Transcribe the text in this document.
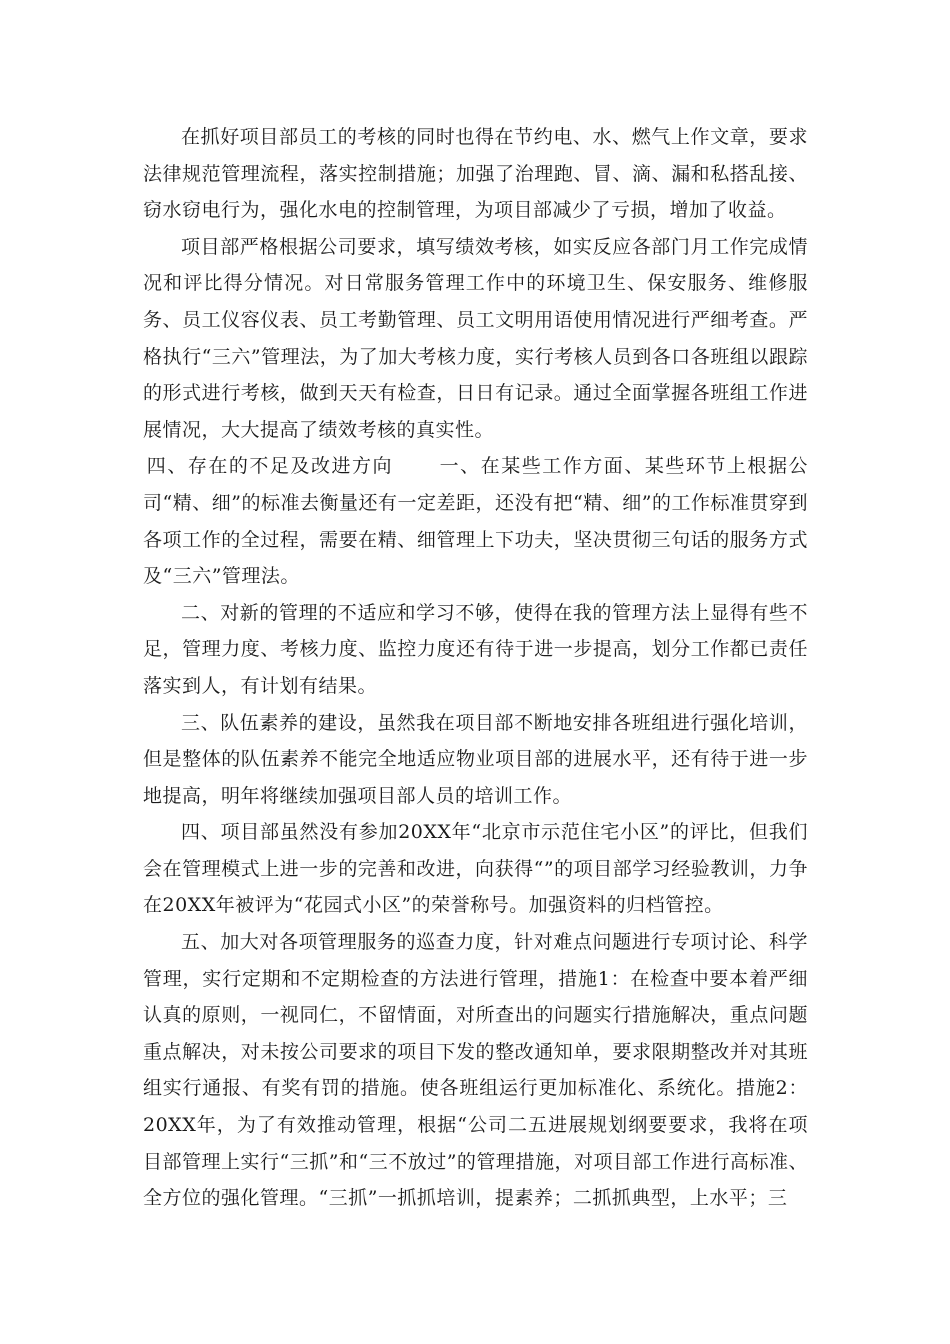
在抓好项目部员工的考核的同时也得在节约电、水、燃气上作文章，要求法律规范管理流程，落实控制措施；加强了治理跑、冒、滴、漏和私搭乱接、窃水窃电行为，强化水电的控制管理，为项目部减少了亏损，增加了收益。

项目部严格根据公司要求，填写绩效考核，如实反应各部门月工作完成情况和评比得分情况。对日常服务管理工作中的环境卫生、保安服务、维修服务、员工仪容仪表、员工考勤管理、员工文明用语使用情况进行严细考查。严格执行“三六”管理法，为了加大考核力度，实行考核人员到各口各班组以跟踪的形式进行考核，做到天天有检查，日日有记录。通过全面掌握各班组工作进展情况，大大提高了绩效考核的真实性。

四、存在的不足及改进方向 一、在某些工作方面、某些环节上根据公司“精、细”的标准去衡量还有一定差距，还没有把“精、细”的工作标准贯穿到各项工作的全过程，需要在精、细管理上下功夫，坚决贯彻三句话的服务方式及“三六”管理法。

二、对新的管理的不适应和学习不够，使得在我的管理方法上显得有些不足，管理力度、考核力度、监控力度还有待于进一步提高，划分工作都已责任落实到人，有计划有结果。

三、队伍素养的建设，虽然我在项目部不断地安排各班组进行强化培训，但是整体的队伍素养不能完全地适应物业项目部的进展水平，还有待于进一步地提高，明年将继续加强项目部人员的培训工作。

四、项目部虽然没有参加20XX年“北京市示范住宅小区”的评比，但我们会在管理模式上进一步的完善和改进，向获得“”的项目部学习经验教训，力争在20XX年被评为“花园式小区”的荣誉称号。加强资料的归档管控。

五、加大对各项管理服务的巡查力度，针对难点问题进行专项讨论、科学管理，实行定期和不定期检查的方法进行管理，措施1：在检查中要本着严细认真的原则，一视同仁，不留情面，对所查出的问题实行措施解决，重点问题重点解决，对未按公司要求的项目下发的整改通知单，要求限期整改并对其班组实行通报、有奖有罚的措施。使各班组运行更加标准化、系统化。措施2：20XX年，为了有效推动管理，根据“公司二五进展规划纲要要求，我将在项目部管理上实行“三抓”和“三不放过”的管理措施，对项目部工作进行高标准、全方位的强化管理。“三抓”一抓抓培训，提素养；二抓抓典型，上水平；三
